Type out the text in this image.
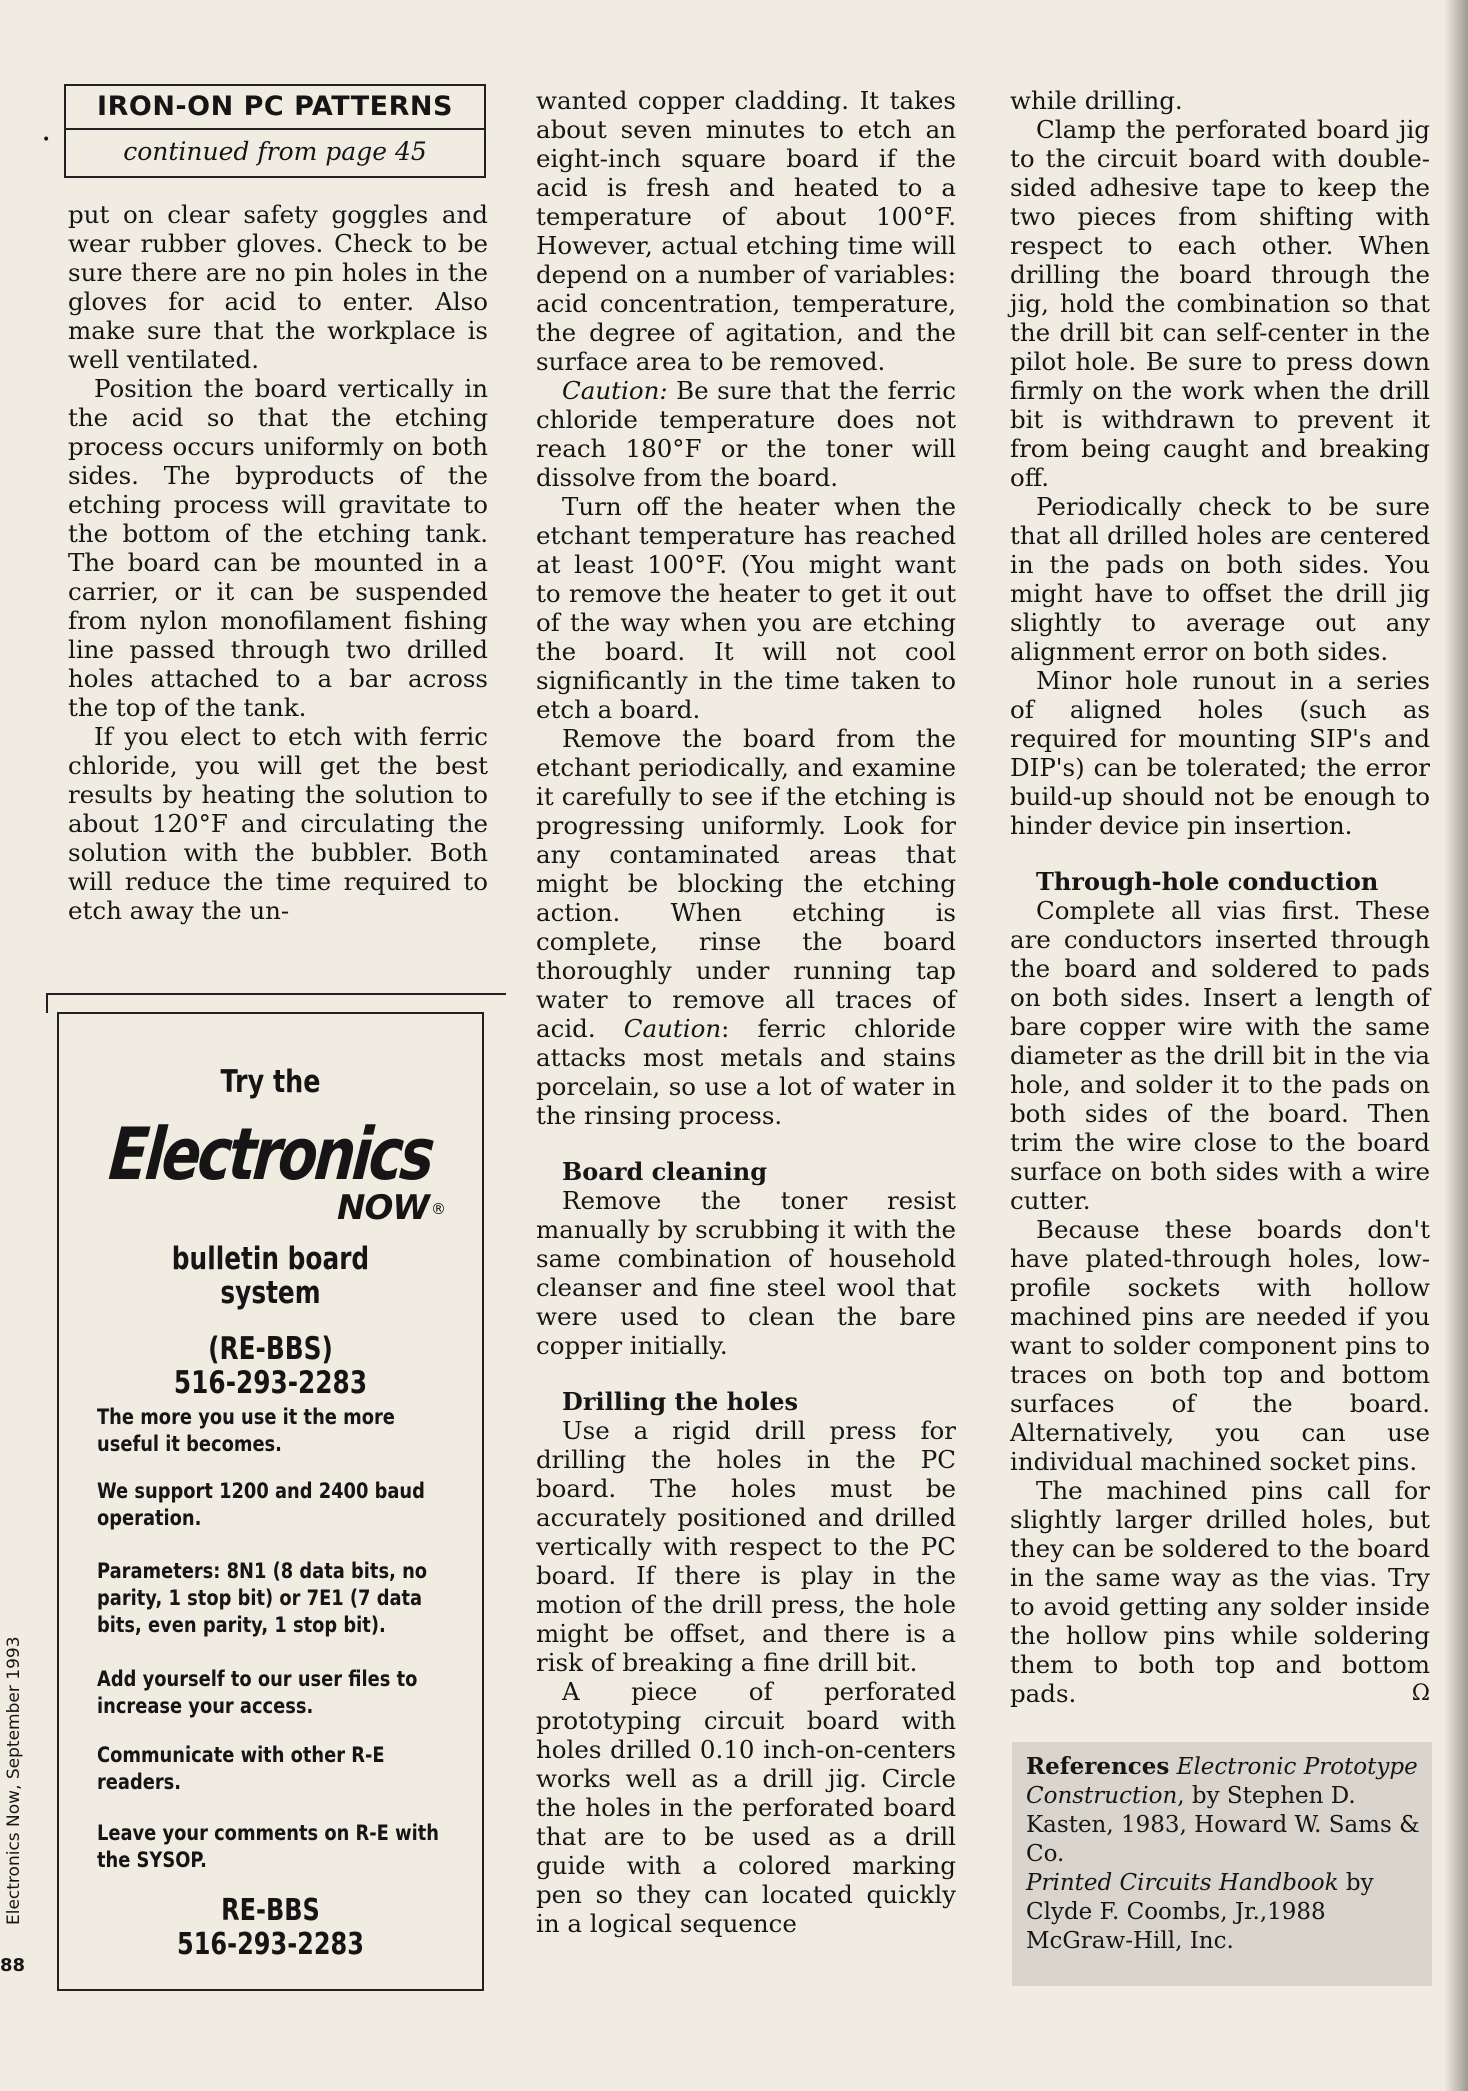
•
IRON-ON PC PATTERNS
continued from page 45

put on clear safety goggles and wear rubber gloves. Check to be sure there are no pin holes in the gloves for acid to enter. Also make sure that the workplace is well ventilated.

Position the board vertically in the acid so that the etching process occurs uniformly on both sides. The byproducts of the etching process will gravitate to the bottom of the etching tank. The board can be mounted in a carrier, or it can be suspended from nylon monofilament fishing line passed through two drilled holes attached to a bar across the top of the tank.

If you elect to etch with ferric chloride, you will get the best results by heating the solution to about 120°F and circulating the solution with the bubbler. Both will reduce the time required to etch away the un-

wanted copper cladding. It takes about seven minutes to etch an eight-inch square board if the acid is fresh and heated to a temperature of about 100°F. However, actual etching time will depend on a number of variables: acid concentration, temperature, the degree of agitation, and the surface area to be removed.

Caution: Be sure that the ferric chloride temperature does not reach 180°F or the toner will dissolve from the board.

Turn off the heater when the etchant temperature has reached at least 100°F. (You might want to remove the heater to get it out of the way when you are etching the board. It will not cool significantly in the time taken to etch a board.

Remove the board from the etchant periodically, and examine it carefully to see if the etching is progressing uniformly. Look for any contaminated areas that might be blocking the etching action. When etching is complete, rinse the board thoroughly under running tap water to remove all traces of acid. Caution: ferric chloride attacks most metals and stains porcelain, so use a lot of water in the rinsing process.

Board cleaning

Remove the toner resist manually by scrubbing it with the same combination of household cleanser and fine steel wool that were used to clean the bare copper initially.

Drilling the holes

Use a rigid drill press for drilling the holes in the PC board. The holes must be accurately positioned and drilled vertically with respect to the PC board. If there is play in the motion of the drill press, the hole might be offset, and there is a risk of breaking a fine drill bit.

A piece of perforated prototyping circuit board with holes drilled 0.10 inch-on-centers works well as a drill jig. Circle the holes in the perforated board that are to be used as a drill guide with a colored marking pen so they can located quickly in a logical sequence

while drilling.

Clamp the perforated board jig to the circuit board with double-sided adhesive tape to keep the two pieces from shifting with respect to each other. When drilling the board through the jig, hold the combination so that the drill bit can self-center in the pilot hole. Be sure to press down firmly on the work when the drill bit is withdrawn to prevent it from being caught and breaking off.

Periodically check to be sure that all drilled holes are centered in the pads on both sides. You might have to offset the drill jig slightly to average out any alignment error on both sides.

Minor hole runout in a series of aligned holes (such as required for mounting SIP's and DIP's) can be tolerated; the error build-up should not be enough to hinder device pin insertion.

Through-hole conduction

Complete all vias first. These are conductors inserted through the board and soldered to pads on both sides. Insert a length of bare copper wire with the same diameter as the drill bit in the via hole, and solder it to the pads on both sides of the board. Then trim the wire close to the board surface on both sides with a wire cutter.

Because these boards don't have plated-through holes, low-profile sockets with hollow machined pins are needed if you want to solder component pins to traces on both top and bottom surfaces of the board. Alternatively, you can use individual machined socket pins.

The machined pins call for slightly larger drilled holes, but they can be soldered to the board in the same way as the vias. Try to avoid getting any solder inside the hollow pins while soldering them to both top and bottom pads.	Ω

References Electronic Prototype Construction, by Stephen D. Kasten, 1983, Howard W. Sams & Co.
Printed Circuits Handbook by Clyde F. Coombs, Jr.,1988 McGraw-Hill, Inc.
Try the
Electronics
NOW ®
bulletin board
system
(RE-BBS)
516-293-2283
The more you use it the more useful it becomes.
We support 1200 and 2400 baud operation.
Parameters: 8N1 (8 data bits, no parity, 1 stop bit) or 7E1 (7 data bits, even parity, 1 stop bit).
Add yourself to our user files to increase your access.
Communicate with other R-E readers.
Leave your comments on R-E with the SYSOP.
RE-BBS
516-293-2283
Electronics Now, September 1993
88
